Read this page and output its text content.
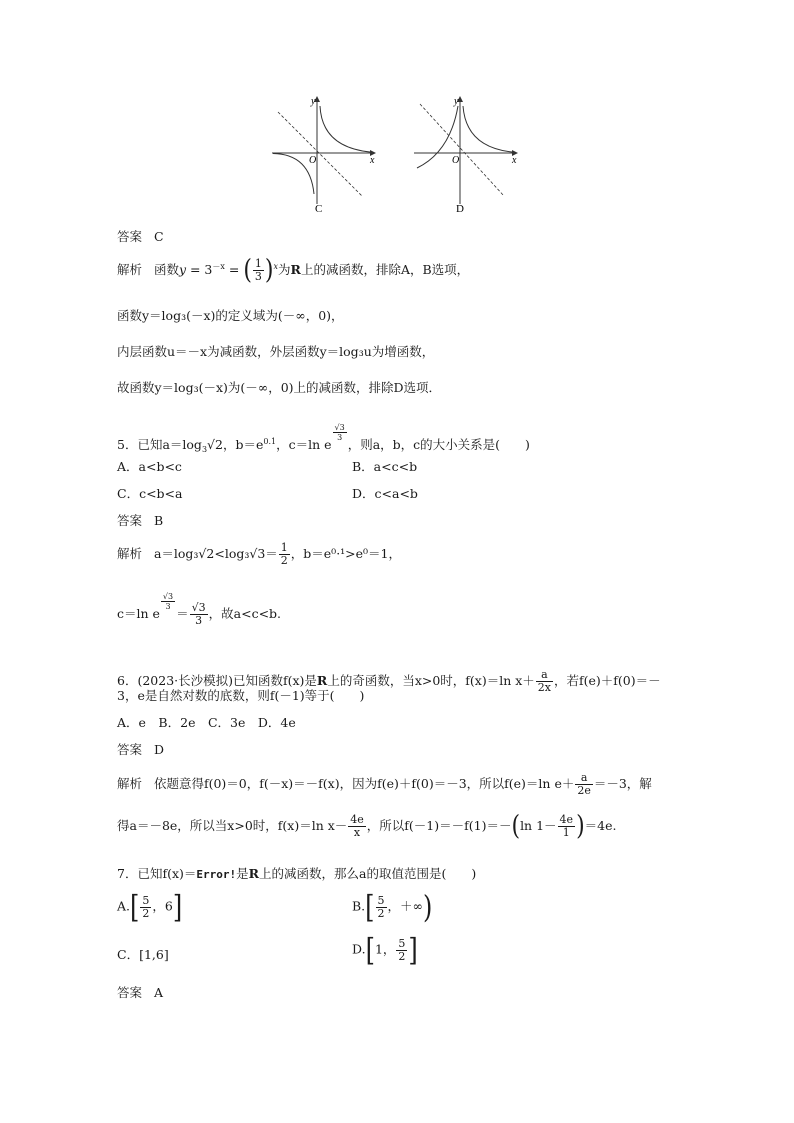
y
x
O
C
y
x
O
D
答案 C
解析 函数$y = 3^{-x}$ = ( $\frac{1}{3} )^x$为R上的减函数，排除A，B选项，
函数y＝log₃(－x)的定义域为(－∞，0)，
内层函数u＝－x为减函数，外层函数y＝log₃u为增函数，
故函数y＝log₃(－x)为(－∞，0)上的减函数，排除D选项．
5．已知$a=\log_3√2$，$b=e^{0.1}$，c＝ln e
$\frac{√3}{3}$
，则a，b，c的大小关系是(　　)
A．a<b<c	B．a<c<b
C．c<b<a	D．c<a<b
答案 B
解析 $a=\log_3√2<\log_3√3= \frac{1}{2}$ ，b＝e⁰·¹>e⁰＝1，
c＝ln e
$\frac{√3}{3}$
＝ $\frac{√3}{3}$ ，故a<c<b.
6．(2023·长沙模拟)已知函数f(x)是R上的奇函数，当x>0时，f(x)＝ln $x+ \frac{a}{2x}$ ，若f(e)＋f(0)＝－
3，e是自然对数的底数，则f(－1)等于(　　)
A．e　B．2e　C．3e　D．4e
答案 D
解析 依题意得f(0)＝0，f(－x)＝－f(x)，因为f(e)＋f(0)＝－3，所以f(e)＝ln $e+ \frac{a}{2e} =-3$，解
得a＝－8e，所以当x>0时，f(x)＝ln $x- \frac{4e}{x}$ ，所以f(－1)＝－f(1)＝－(ln $1- \frac{4e}{1} )=4e$.
7．已知f(x)＝Error!是R上的减函数，那么a的取值范围是(　　)
$A.[ \frac{5}{2}$ ，6]	$B.[ \frac{5}{2}$ ，＋∞)
C．[1,6]	D.[1， $\frac{5}{2}$ ]
答案 A
